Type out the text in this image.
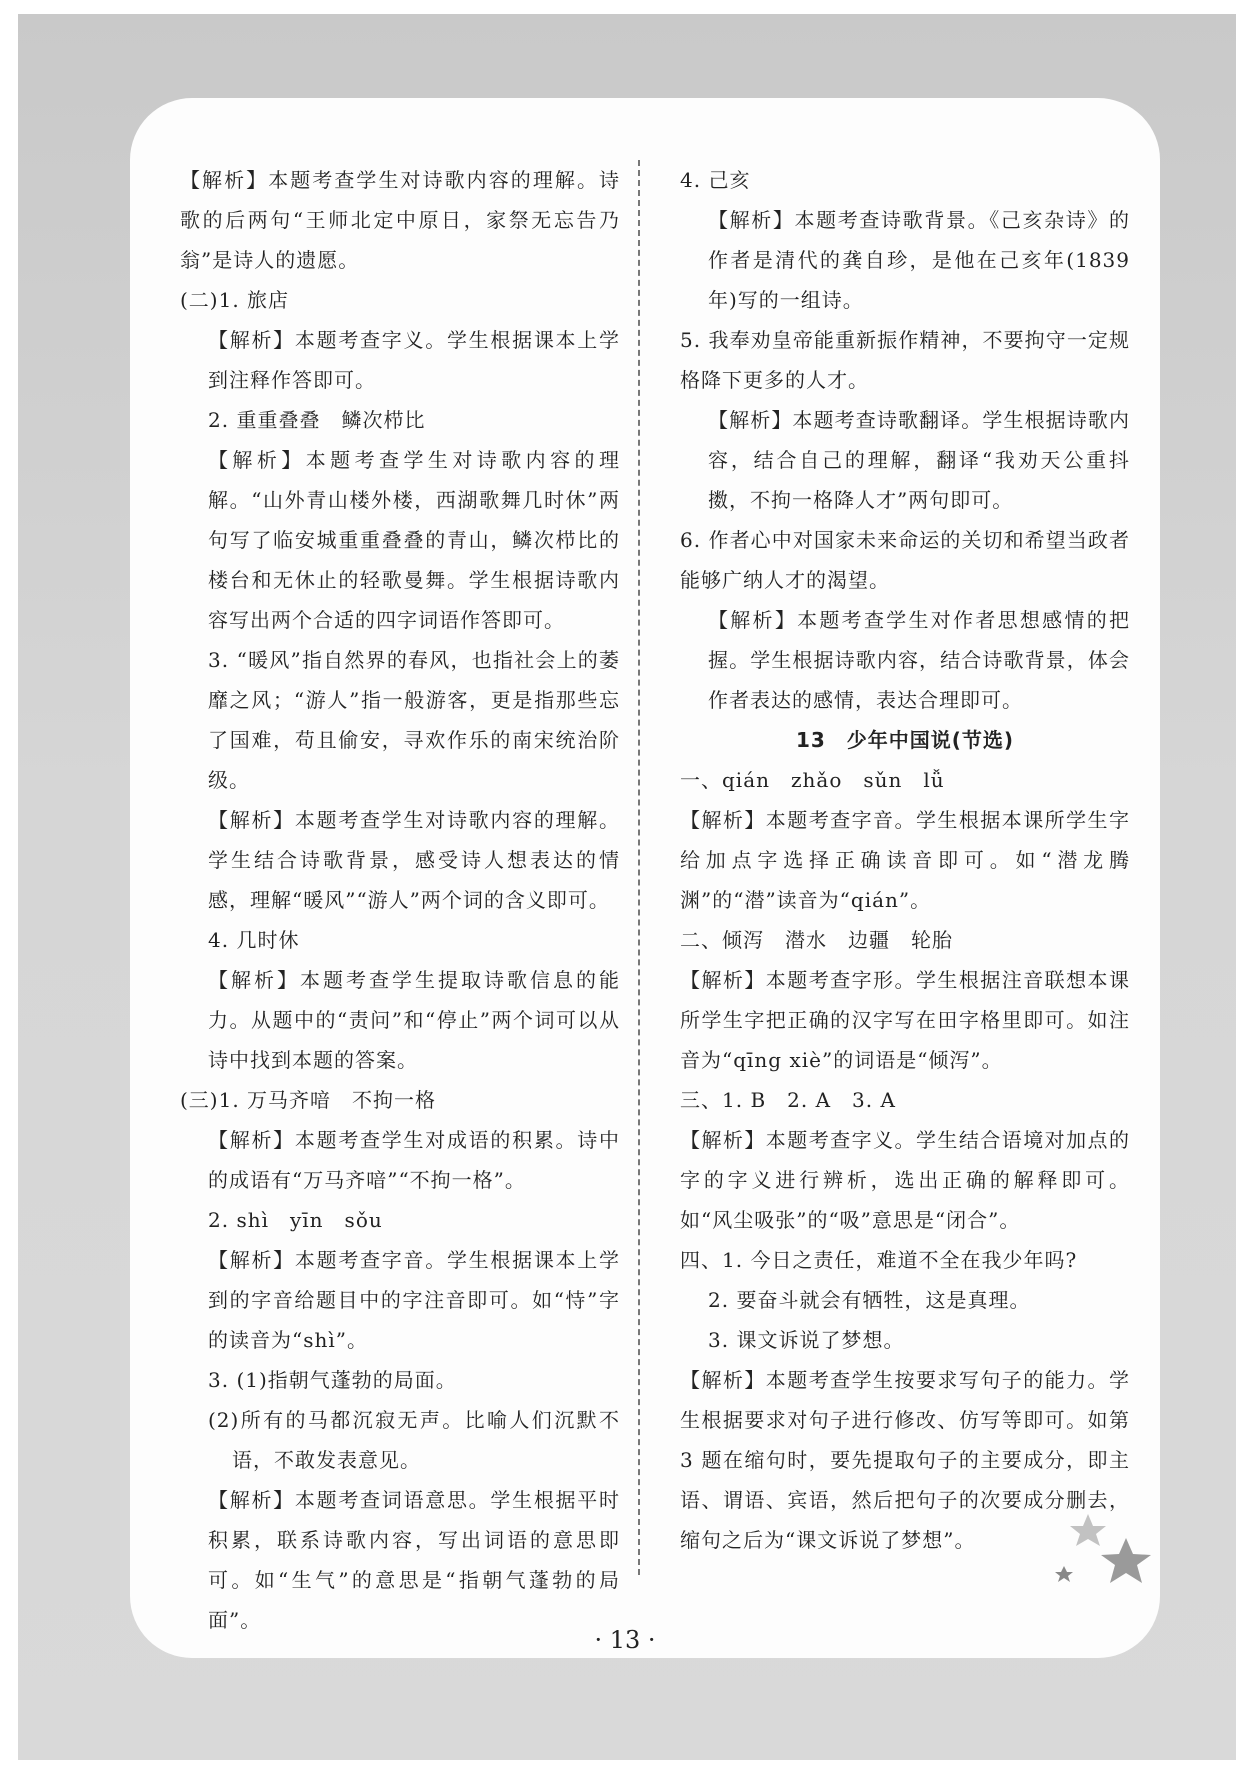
【解析】本题考查学生对诗歌内容的理解。诗歌的后两句“王师北定中原日，家祭无忘告乃翁”是诗人的遗愿。

(二)1. 旅店

【解析】本题考查字义。学生根据课本上学到注释作答即可。

2. 重重叠叠　鳞次栉比

【解析】本题考查学生对诗歌内容的理解。“山外青山楼外楼，西湖歌舞几时休”两句写了临安城重重叠叠的青山，鳞次栉比的楼台和无休止的轻歌曼舞。学生根据诗歌内容写出两个合适的四字词语作答即可。

3. “暖风”指自然界的春风，也指社会上的萎靡之风；“游人”指一般游客，更是指那些忘了国难，苟且偷安，寻欢作乐的南宋统治阶级。

【解析】本题考查学生对诗歌内容的理解。学生结合诗歌背景，感受诗人想表达的情感，理解“暖风”“游人”两个词的含义即可。

4. 几时休

【解析】本题考查学生提取诗歌信息的能力。从题中的“责问”和“停止”两个词可以从诗中找到本题的答案。

(三)1. 万马齐喑　不拘一格

【解析】本题考查学生对成语的积累。诗中的成语有“万马齐喑”“不拘一格”。

2. shì　yīn　sǒu

【解析】本题考查字音。学生根据课本上学到的字音给题目中的字注音即可。如“恃”字的读音为“shì”。

3. (1)指朝气蓬勃的局面。

(2)所有的马都沉寂无声。比喻人们沉默不语，不敢发表意见。

【解析】本题考查词语意思。学生根据平时积累，联系诗歌内容，写出词语的意思即可。如“生气”的意思是“指朝气蓬勃的局面”。

4. 己亥

【解析】本题考查诗歌背景。《己亥杂诗》的作者是清代的龚自珍，是他在己亥年(1839 年)写的一组诗。

5. 我奉劝皇帝能重新振作精神，不要拘守一定规格降下更多的人才。

【解析】本题考查诗歌翻译。学生根据诗歌内容，结合自己的理解，翻译“我劝天公重抖擞，不拘一格降人才”两句即可。

6. 作者心中对国家未来命运的关切和希望当政者能够广纳人才的渴望。

【解析】本题考查学生对作者思想感情的把握。学生根据诗歌内容，结合诗歌背景，体会作者表达的感情，表达合理即可。

13　少年中国说(节选)

一、qián　zhǎo　sǔn　lǚ

【解析】本题考查字音。学生根据本课所学生字给加点字选择正确读音即可。如“潜龙腾渊”的“潜”读音为“qián”。

二、倾泻　潜水　边疆　轮胎

【解析】本题考查字形。学生根据注音联想本课所学生字把正确的汉字写在田字格里即可。如注音为“qīng xiè”的词语是“倾泻”。

三、1. B　2. A　3. A

【解析】本题考查字义。学生结合语境对加点的字的字义进行辨析，选出正确的解释即可。如“风尘吸张”的“吸”意思是“闭合”。

四、1. 今日之责任，难道不全在我少年吗?

2. 要奋斗就会有牺牲，这是真理。

3. 课文诉说了梦想。

【解析】本题考查学生按要求写句子的能力。学生根据要求对句子进行修改、仿写等即可。如第 3 题在缩句时，要先提取句子的主要成分，即主语、谓语、宾语，然后把句子的次要成分删去，缩句之后为“课文诉说了梦想”。

· 13 ·
